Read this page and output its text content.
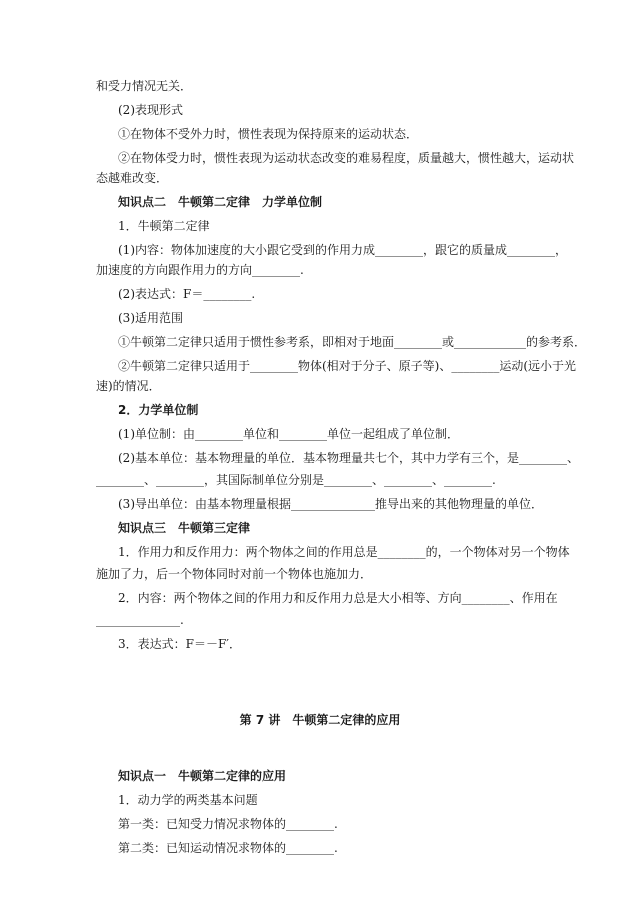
和受力情况无关．
(2)表现形式
①在物体不受外力时，惯性表现为保持原来的运动状态．
②在物体受力时，惯性表现为运动状态改变的难易程度，质量越大，惯性越大，运动状
态越难改变．
知识点二　牛顿第二定律　力学单位制
1．牛顿第二定律
(1)内容：物体加速度的大小跟它受到的作用力成________，跟它的质量成________，
加速度的方向跟作用力的方向________.
(2)表达式：F＝________.
(3)适用范围
①牛顿第二定律只适用于惯性参考系，即相对于地面________或____________的参考系．
②牛顿第二定律只适用于________物体(相对于分子、原子等)、________运动(远小于光
速)的情况．
2．力学单位制
(1)单位制：由________单位和________单位一起组成了单位制．
(2)基本单位：基本物理量的单位．基本物理量共七个，其中力学有三个，是________、
________、________，其国际制单位分别是________、________、________.
(3)导出单位：由基本物理量根据______________推导出来的其他物理量的单位．
知识点三　牛顿第三定律
1．作用力和反作用力：两个物体之间的作用总是________的，一个物体对另一个物体
施加了力，后一个物体同时对前一个物体也施加力．
2．内容：两个物体之间的作用力和反作用力总是大小相等、方向________、作用在
______________.
3．表达式：F＝－F′．
第 7 讲　牛顿第二定律的应用
知识点一　牛顿第二定律的应用
1．动力学的两类基本问题
第一类：已知受力情况求物体的________.
第二类：已知运动情况求物体的________.
